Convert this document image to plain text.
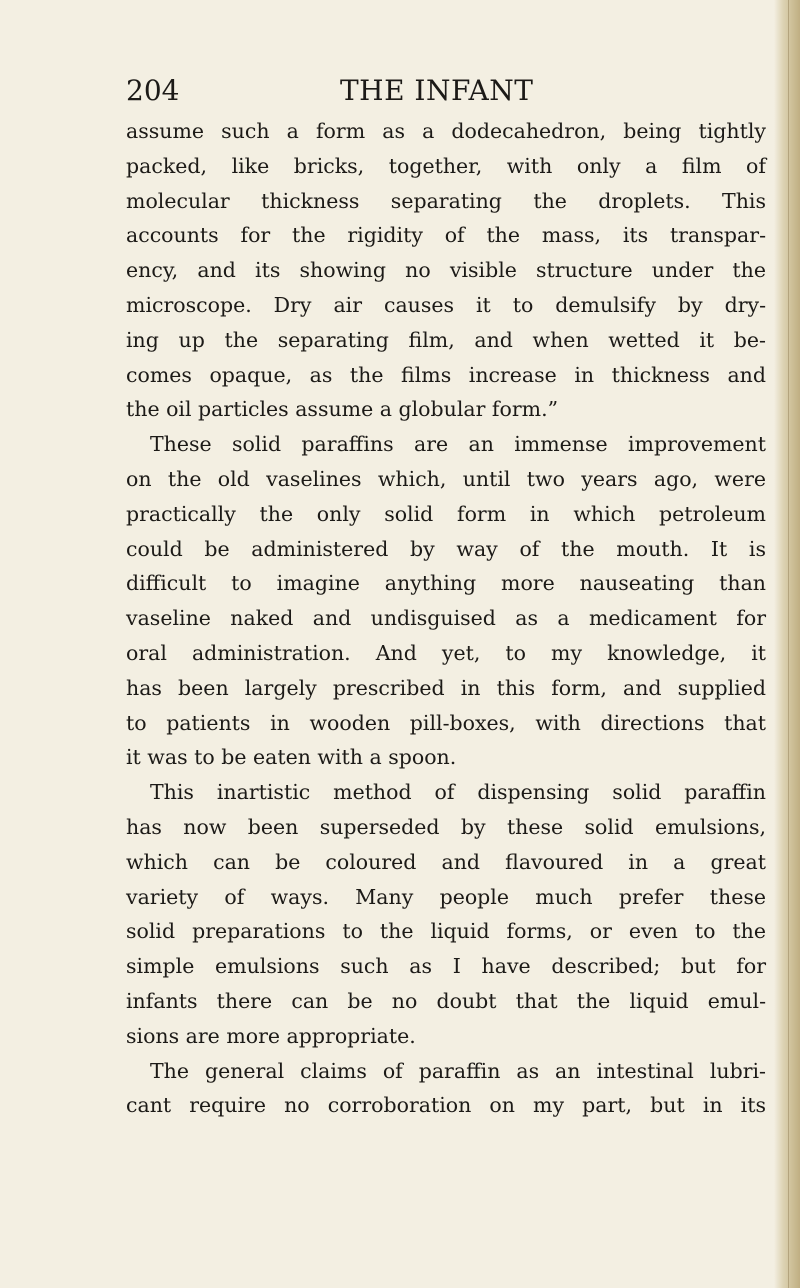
204	THE INFANT
assume such a form as a dodecahedron, being tightly
packed, like bricks, together, with only a film of
molecular thickness separating the droplets. This
accounts for the rigidity of the mass, its transpar-
ency, and its showing no visible structure under the
microscope. Dry air causes it to demulsify by dry-
ing up the separating film, and when wetted it be-
comes opaque, as the films increase in thickness and
the oil particles assume a globular form.”
These solid paraffins are an immense improvement
on the old vaselines which, until two years ago, were
practically the only solid form in which petroleum
could be administered by way of the mouth. It is
difficult to imagine anything more nauseating than
vaseline naked and undisguised as a medicament for
oral administration. And yet, to my knowledge, it
has been largely prescribed in this form, and supplied
to patients in wooden pill-boxes, with directions that
it was to be eaten with a spoon.
This inartistic method of dispensing solid paraffin
has now been superseded by these solid emulsions,
which can be coloured and flavoured in a great
variety of ways. Many people much prefer these
solid preparations to the liquid forms, or even to the
simple emulsions such as I have described; but for
infants there can be no doubt that the liquid emul-
sions are more appropriate.
The general claims of paraffin as an intestinal lubri-
cant require no corroboration on my part, but in its
